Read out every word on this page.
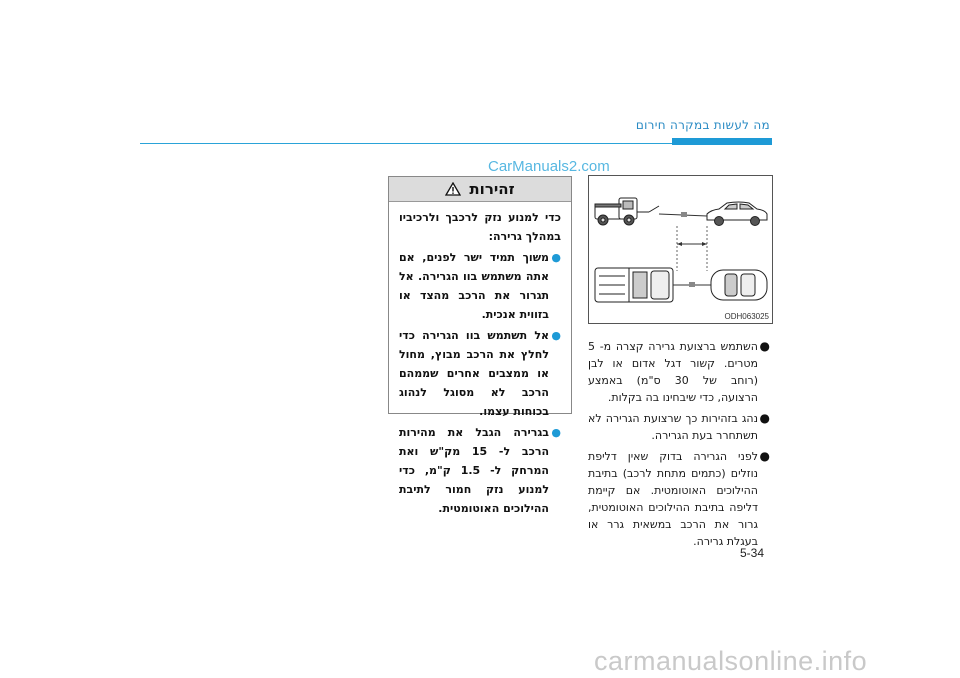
מה לעשות במקרה חירום
CarManuals2.com
ODH063025
●
השתמש ברצועת גרירה קצרה מ- 5 מטרים. קשור דגל אדום או לבן (רוחב של 30 ס"מ) באמצע הרצועה, כדי שיבחינו בה בקלות.
●
נהג בזהירות כך שרצועת הגרירה לא תשתחרר בעת הגרירה.
●
לפני הגרירה בדוק שאין דליפת נוזלים (כתמים מתחת לרכב) בתיבת ההילוכים האוטומטית. אם קיימת דליפה בתיבת ההילוכים האוטומטית, גרור את הרכב במשאית גרר או בעגלת גרירה.
זהירות

כדי למנוע נזק לרכבך ולרכיביו במהלך גרירה:

●
משוך תמיד ישר לפנים, אם אתה משתמש בוו הגרירה. אל תגרור את הרכב מהצד או בזווית אנכית.
●
אל תשתמש בוו הגרירה כדי לחלץ את הרכב מבוץ, מחול או ממצבים אחרים שממהם הרכב לא מסוגל לנהוג בכוחות עצמו.
●
בגרירה הגבל את מהירות הרכב ל- 15 מק"ש ואת המרחק ל- 1.5 ק"מ, כדי למנוע נזק חמור לתיבת ההילוכים האוטומטית.
5-34
carmanualsonline.info
